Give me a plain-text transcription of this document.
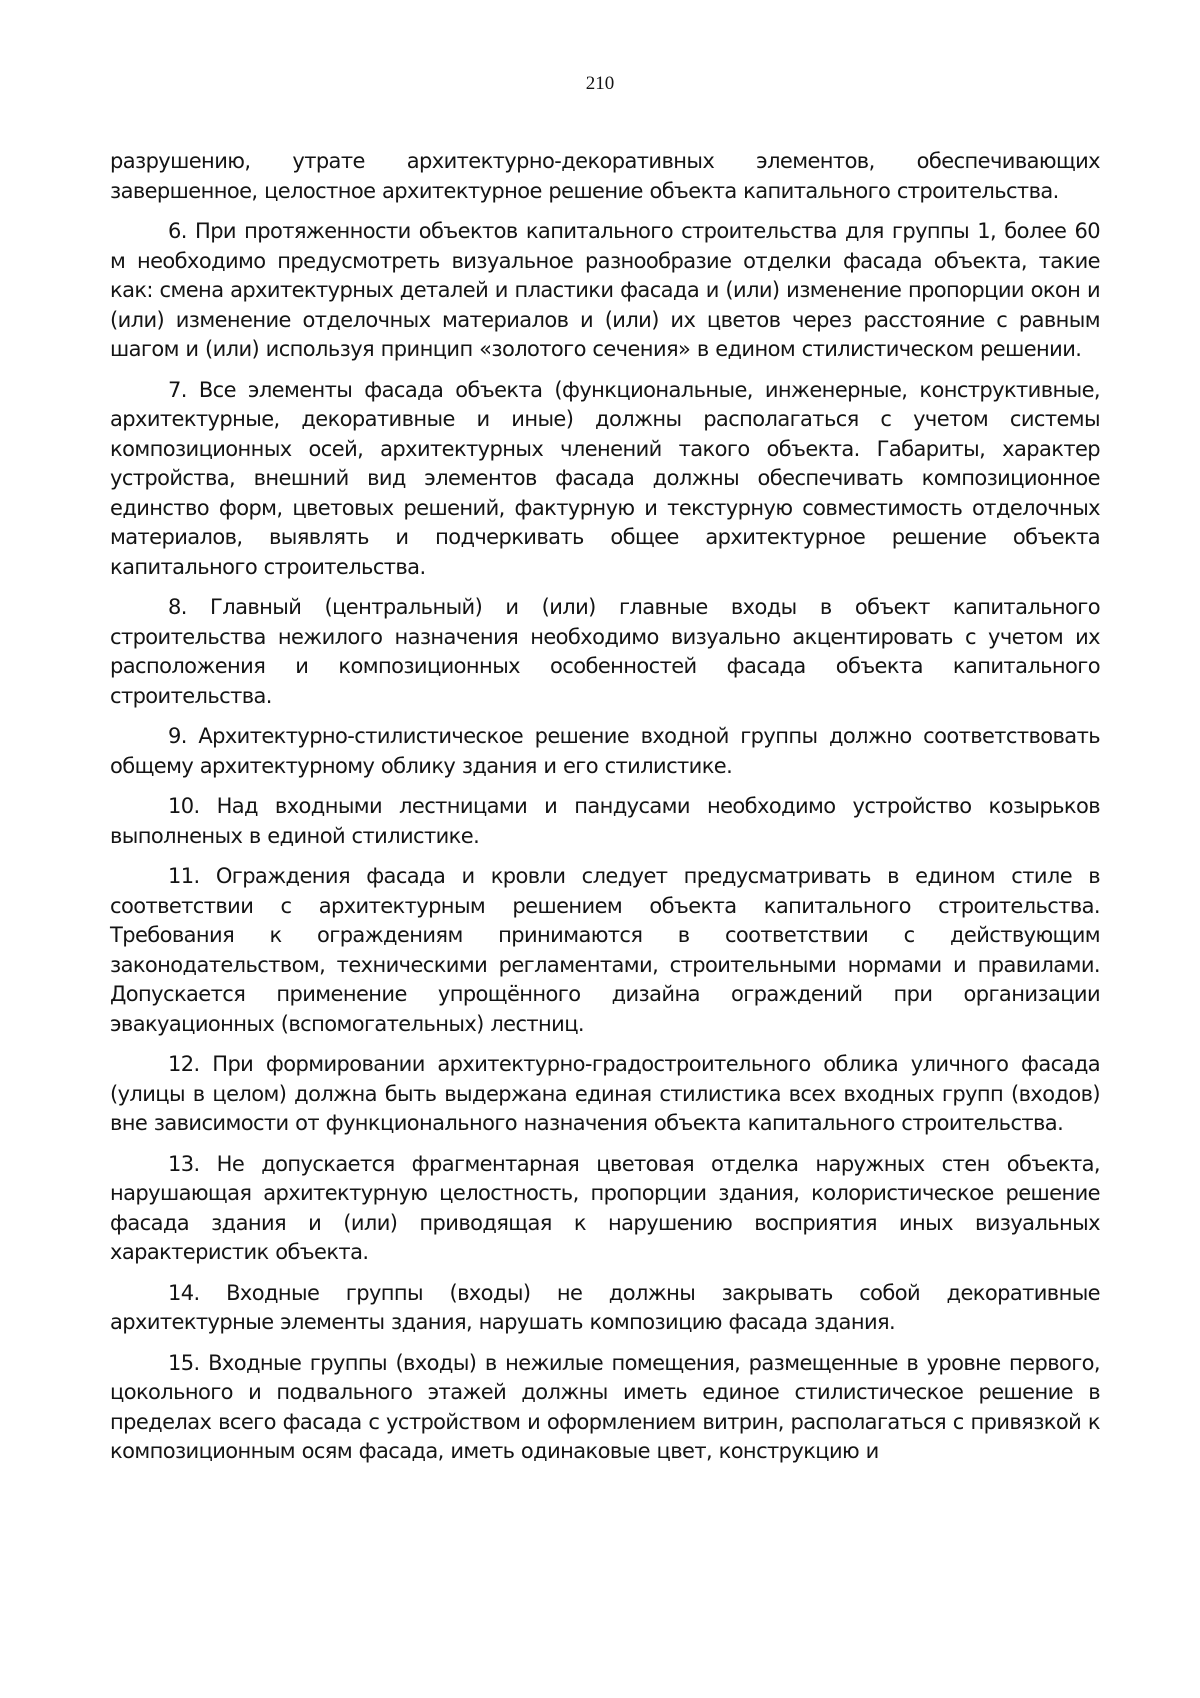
210

разрушению, утрате архитектурно-декоративных элементов, обеспечивающих завершенное, целостное архитектурное решение объекта капитального строительства.

6. При протяженности объектов капитального строительства для группы 1, более 60 м необходимо предусмотреть визуальное разнообразие отделки фасада объекта, такие как: смена архитектурных деталей и пластики фасада и (или) изменение пропорции окон и (или) изменение отделочных материалов и (или) их цветов через расстояние с равным шагом и (или) используя принцип «золотого сечения» в едином стилистическом решении.

7. Все элементы фасада объекта (функциональные, инженерные, конструктивные, архитектурные, декоративные и иные) должны располагаться с учетом системы композиционных осей, архитектурных членений такого объекта. Габариты, характер устройства, внешний вид элементов фасада должны обеспечивать композиционное единство форм, цветовых решений, фактурную и текстурную совместимость отделочных материалов, выявлять и подчеркивать общее архитектурное решение объекта капитального строительства.

8. Главный (центральный) и (или) главные входы в объект капитального строительства нежилого назначения необходимо визуально акцентировать с учетом их расположения и композиционных особенностей фасада объекта капитального строительства.

9. Архитектурно-стилистическое решение входной группы должно соответствовать общему архитектурному облику здания и его стилистике.

10. Над входными лестницами и пандусами необходимо устройство козырьков выполненых в единой стилистике.

11. Ограждения фасада и кровли следует предусматривать в едином стиле в соответствии с архитектурным решением объекта капитального строительства. Требования к ограждениям принимаются в соответствии с действующим законодательством, техническими регламентами, строительными нормами и правилами. Допускается применение упрощённого дизайна ограждений при организации эвакуационных (вспомогательных) лестниц.

12. При формировании архитектурно-градостроительного облика уличного фасада (улицы в целом) должна быть выдержана единая стилистика всех входных групп (входов) вне зависимости от функционального назначения объекта капитального строительства.

13. Не допускается фрагментарная цветовая отделка наружных стен объекта, нарушающая архитектурную целостность, пропорции здания, колористическое решение фасада здания и (или) приводящая к нарушению восприятия иных визуальных характеристик объекта.

14. Входные группы (входы) не должны закрывать собой декоративные архитектурные элементы здания, нарушать композицию фасада здания.

15. Входные группы (входы) в нежилые помещения, размещенные в уровне первого, цокольного и подвального этажей должны иметь единое стилистическое решение в пределах всего фасада с устройством и оформлением витрин, располагаться с привязкой к композиционным осям фасада, иметь одинаковые цвет, конструкцию и
